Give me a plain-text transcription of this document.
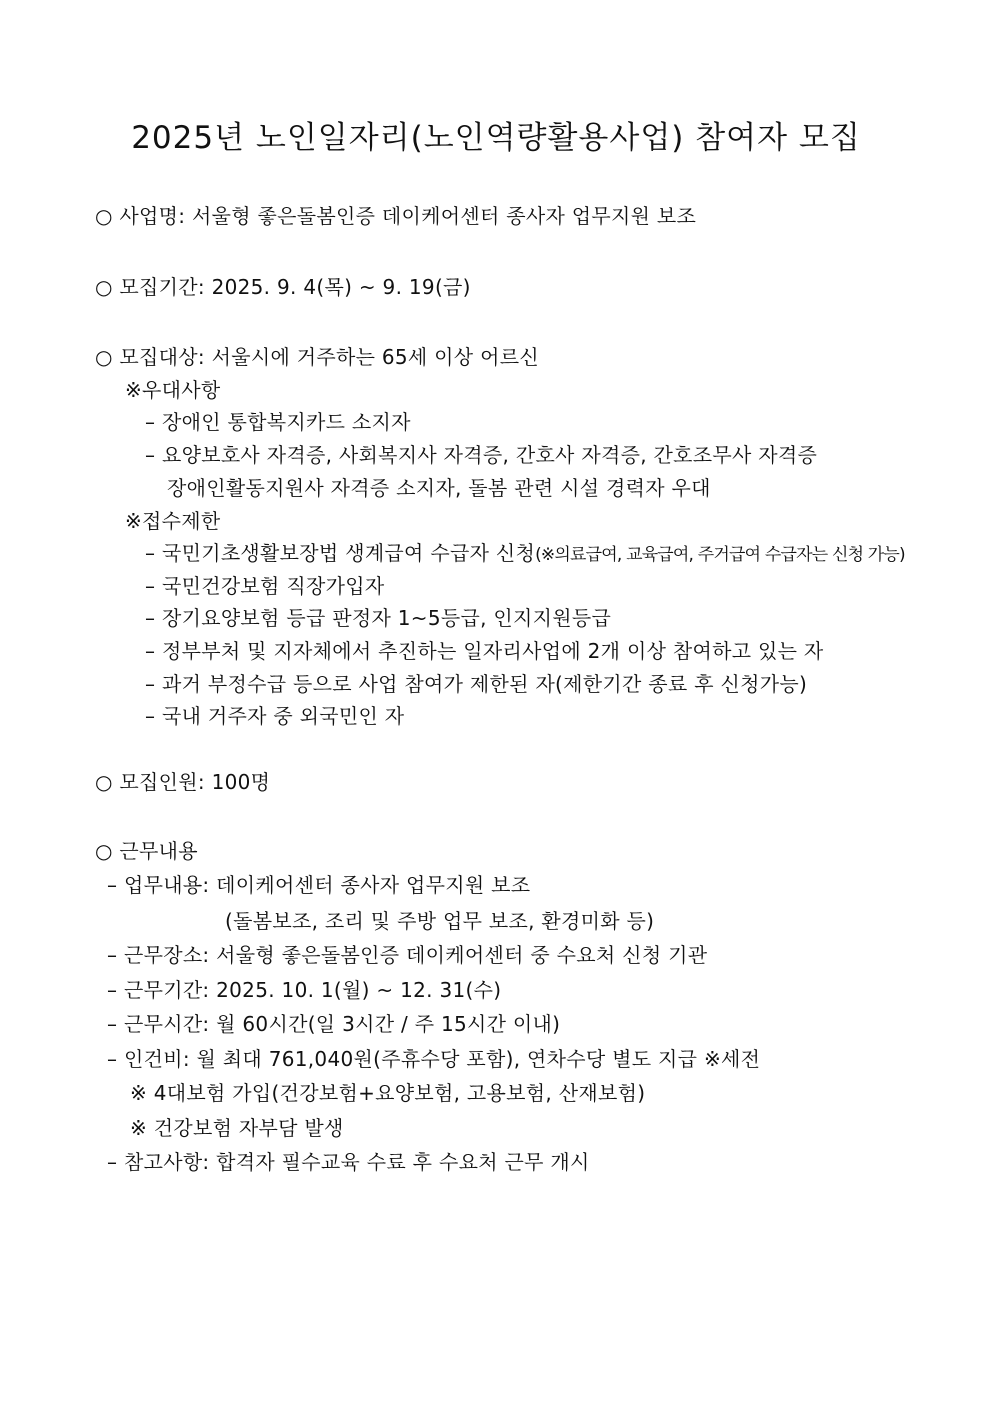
2025년 노인일자리(노인역량활용사업) 참여자 모집
○ 사업명: 서울형 좋은돌봄인증 데이케어센터 종사자 업무지원 보조
○ 모집기간: 2025. 9. 4(목) ~ 9. 19(금)
○ 모집대상: 서울시에 거주하는 65세 이상 어르신
※우대사항
– 장애인 통합복지카드 소지자
– 요양보호사 자격증, 사회복지사 자격증, 간호사 자격증, 간호조무사 자격증
장애인활동지원사 자격증 소지자, 돌봄 관련 시설 경력자 우대
※접수제한
– 국민기초생활보장법 생계급여 수급자 신청(※의료급여, 교육급여, 주거급여 수급자는 신청 가능)
– 국민건강보험 직장가입자
– 장기요양보험 등급 판정자 1~5등급, 인지지원등급
– 정부부처 및 지자체에서 추진하는 일자리사업에 2개 이상 참여하고 있는 자
– 과거 부정수급 등으로 사업 참여가 제한된 자(제한기간 종료 후 신청가능)
– 국내 거주자 중 외국민인 자
○ 모집인원: 100명
○ 근무내용
– 업무내용: 데이케어센터 종사자 업무지원 보조
(돌봄보조, 조리 및 주방 업무 보조, 환경미화 등)
– 근무장소: 서울형 좋은돌봄인증 데이케어센터 중 수요처 신청 기관
– 근무기간: 2025. 10. 1(월) ~ 12. 31(수)
– 근무시간: 월 60시간(일 3시간 / 주 15시간 이내)
– 인건비: 월 최대 761,040원(주휴수당 포함), 연차수당 별도 지급 ※세전
※ 4대보험 가입(건강보험+요양보험, 고용보험, 산재보험)
※ 건강보험 자부담 발생
– 참고사항: 합격자 필수교육 수료 후 수요처 근무 개시
